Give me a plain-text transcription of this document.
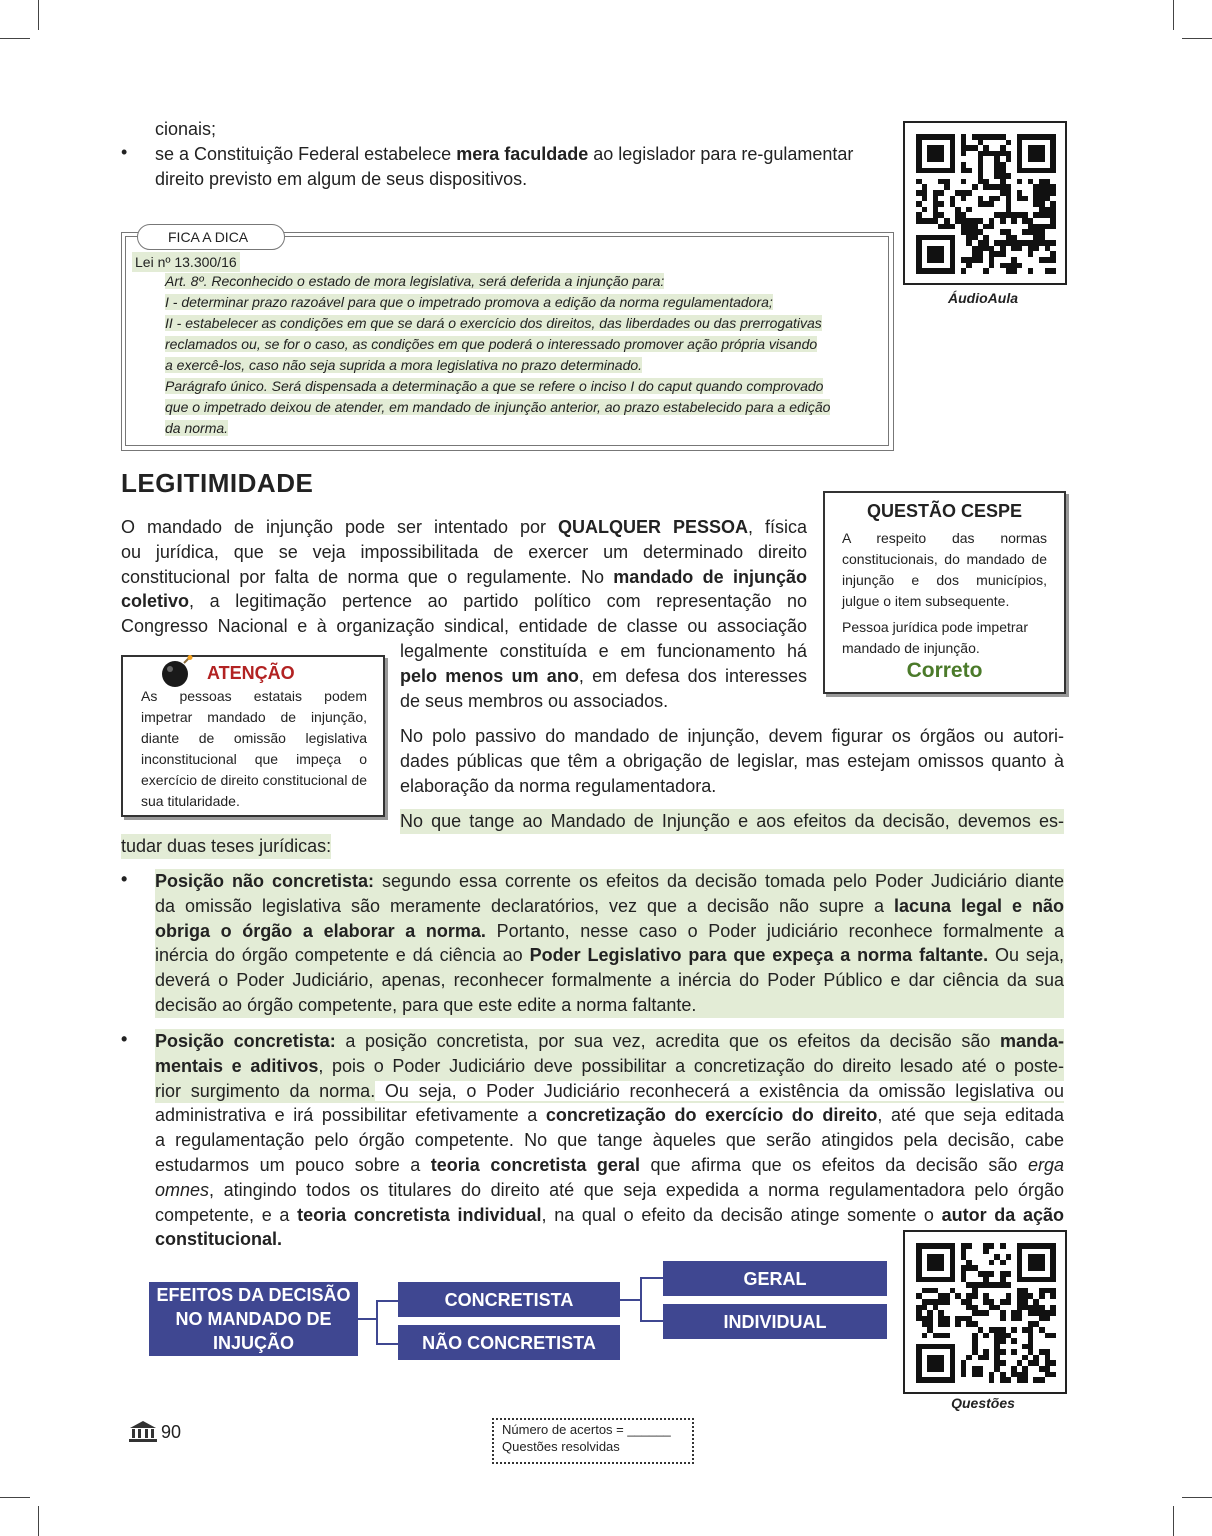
cionais;
• se a Constituição Federal estabelece mera faculdade ao legislador para re-gulamentar
direito previsto em algum de seus dispositivos.
ÁudioAula
FICA A DICA
Lei nº 13.300/16
Art. 8º. Reconhecido o estado de mora legislativa, será deferida a injunção para:
I - determinar prazo razoável para que o impetrado promova a edição da norma regulamentadora;
II - estabelecer as condições em que se dará o exercício dos direitos, das liberdades ou das prerrogativas
reclamados ou, se for o caso, as condições em que poderá o interessado promover ação própria visando
a exercê-los, caso não seja suprida a mora legislativa no prazo determinado.
Parágrafo único. Será dispensada a determinação a que se refere o inciso I do caput quando comprovado
que o impetrado deixou de atender, em mandado de injunção anterior, ao prazo estabelecido para a edição
da norma.
LEGITIMIDADE
O mandado de injunção pode ser intentado por QUALQUER PESSOA, física
ou jurídica, que se veja impossibilitada de exercer um determinado direito
constitucional por falta de norma que o regulamente. No mandado de injunção
coletivo, a legitimação pertence ao partido político com representação no
Congresso Nacional e à organização sindical, entidade de classe ou associação
legalmente constituída e em funcionamento há
pelo menos um ano, em defesa dos interesses
de seus membros ou associados.
QUESTÃO CESPE
A respeito das normas constitucionais, do mandado de injunção e dos municípios, julgue o item subsequente.
Pessoa jurídica pode impetrar mandado de injunção.
Correto
ATENÇÃO
As pessoas estatais podem impetrar mandado de injunção, diante de omissão legislativa inconstitucional que impeça o exercício de direito constitucional de sua titularidade.
No polo passivo do mandado de injunção, devem figurar os órgãos ou autori-
dades públicas que têm a obrigação de legislar, mas estejam omissos quanto à
elaboração da norma regulamentadora.
No que tange ao Mandado de Injunção e aos efeitos da decisão, devemos es-
tudar duas teses jurídicas:
• Posição não concretista: segundo essa corrente os efeitos da decisão tomada pelo Poder Judiciário diante
da omissão legislativa são meramente declaratórios, vez que a decisão não supre a lacuna legal e não
obriga o órgão a elaborar a norma. Portanto, nesse caso o Poder judiciário reconhece formalmente a
inércia do órgão competente e dá ciência ao Poder Legislativo para que expeça a norma faltante. Ou seja,
deverá o Poder Judiciário, apenas, reconhecer formalmente a inércia do Poder Público e dar ciência da sua
decisão ao órgão competente, para que este edite a norma faltante.
• Posição concretista: a posição concretista, por sua vez, acredita que os efeitos da decisão são manda-
mentais e aditivos, pois o Poder Judiciário deve possibilitar a concretização do direito lesado até o poste-
rior surgimento da norma. Ou seja, o Poder Judiciário reconhecerá a existência da omissão legislativa ou
administrativa e irá possibilitar efetivamente a concretização do exercício do direito, até que seja editada
a regulamentação pelo órgão competente. No que tange àqueles que serão atingidos pela decisão, cabe
estudarmos um pouco sobre a teoria concretista geral que afirma que os efeitos da decisão são erga
omnes, atingindo todos os titulares do direito até que seja expedida a norma regulamentadora pelo órgão
competente, e a teoria concretista individual, na qual o efeito da decisão atinge somente o autor da ação
constitucional.
EFEITOS DA DECISÃO NO MANDADO DE INJUÇÃO
CONCRETISTA
NÃO CONCRETISTA
GERAL
INDIVIDUAL
Questões
90	Número de acertos = ______
Questões resolvidas
